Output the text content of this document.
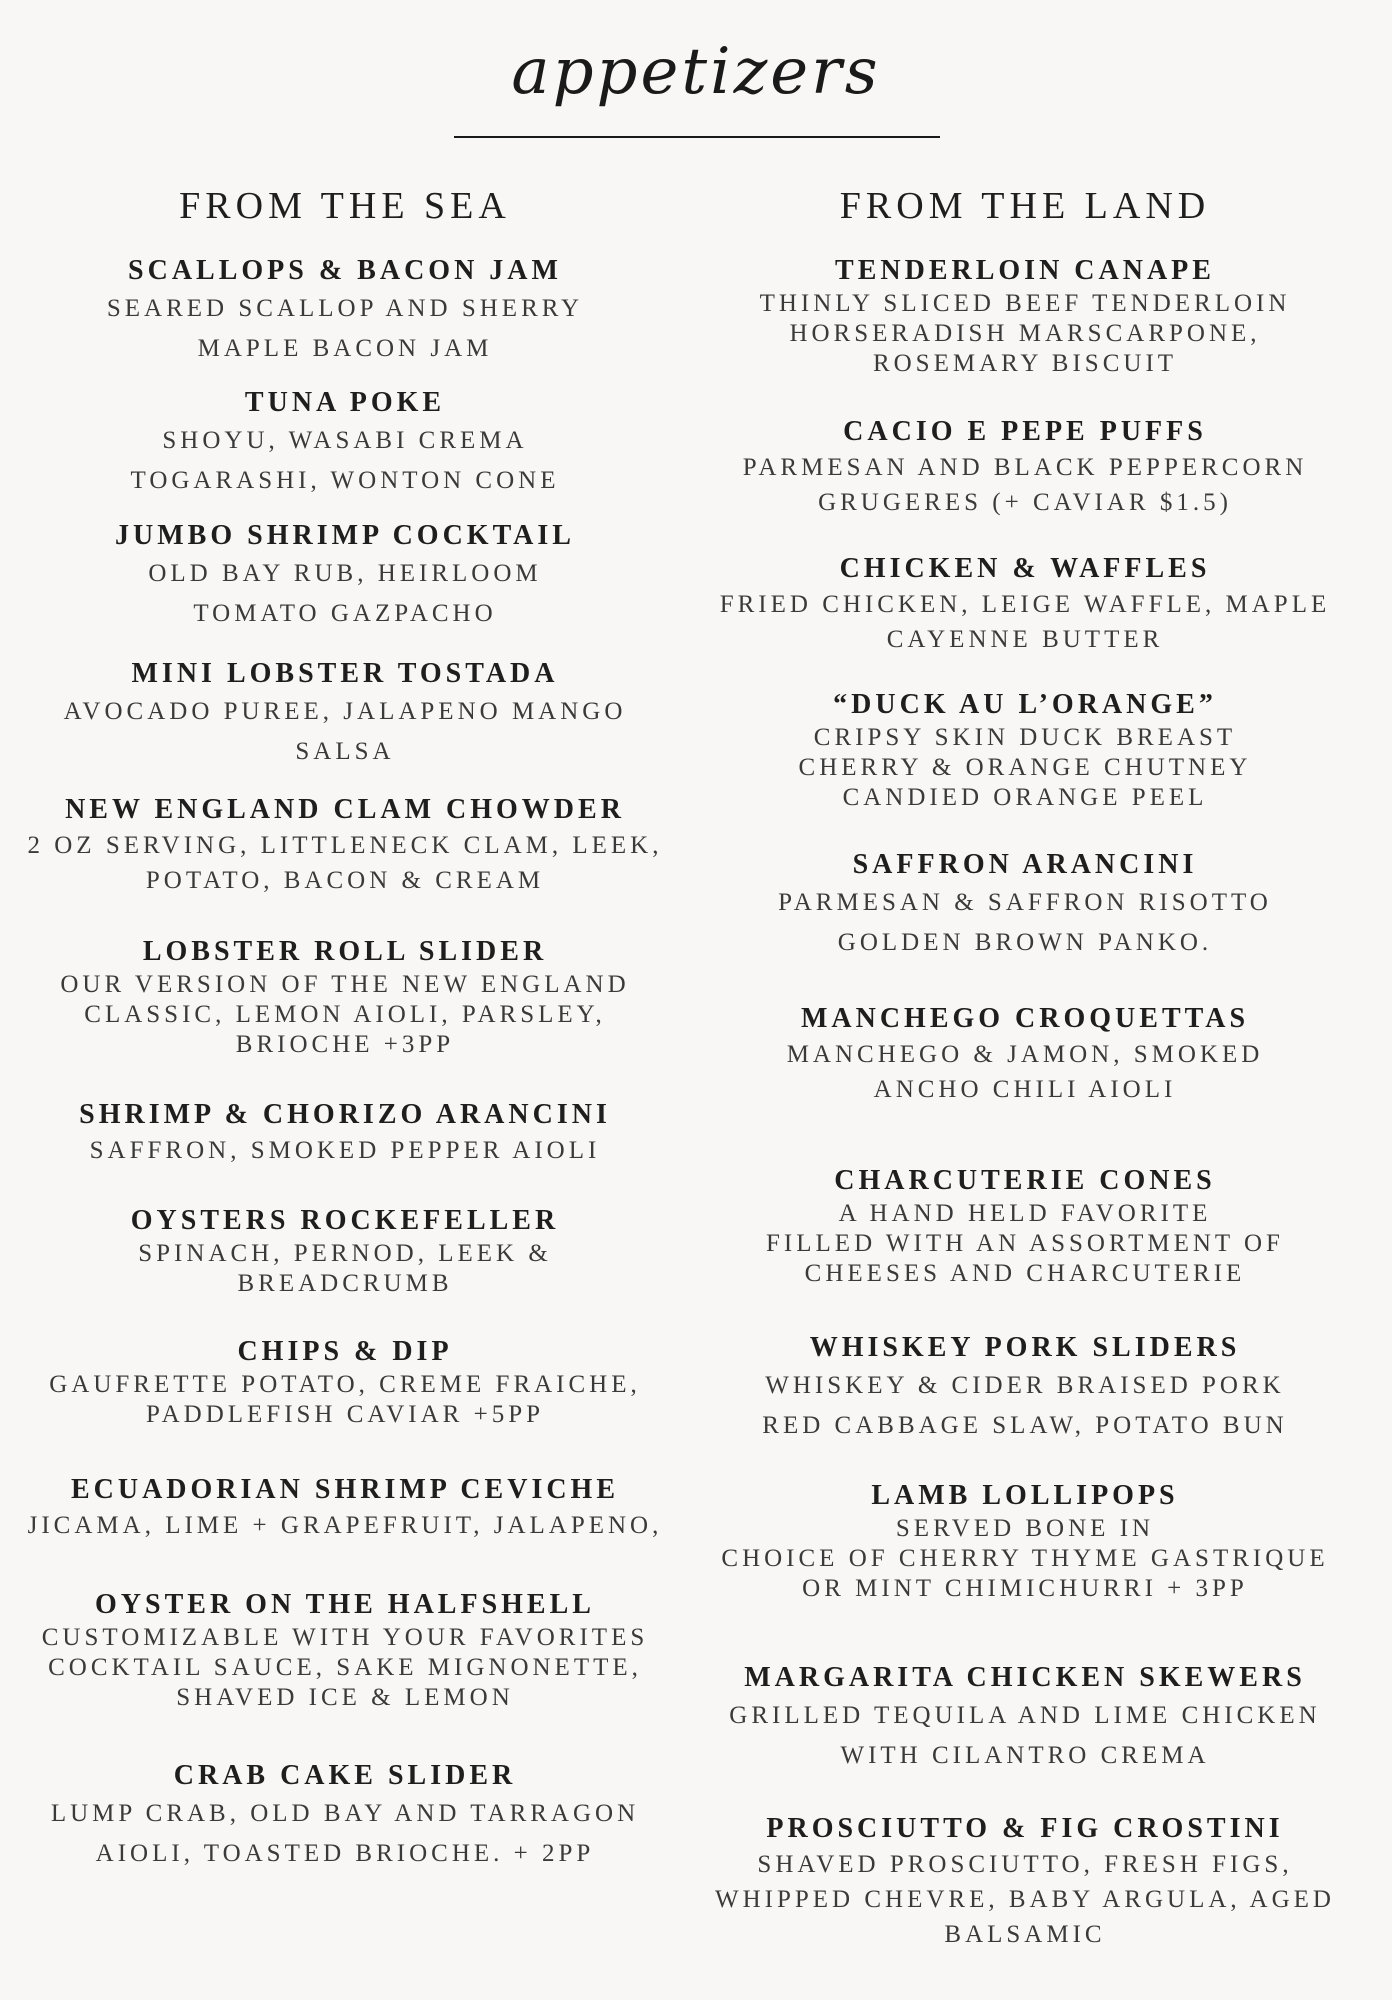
appetizers
FROM THE SEA
SCALLOPS & BACON JAM
SEARED SCALLOP AND SHERRY
MAPLE BACON JAM
TUNA POKE
SHOYU, WASABI CREMA
TOGARASHI, WONTON CONE
JUMBO SHRIMP COCKTAIL
OLD BAY RUB, HEIRLOOM
TOMATO GAZPACHO
MINI LOBSTER TOSTADA
AVOCADO PUREE, JALAPENO MANGO
SALSA
NEW ENGLAND CLAM CHOWDER
2 OZ SERVING, LITTLENECK CLAM, LEEK,
POTATO, BACON & CREAM
LOBSTER ROLL SLIDER
OUR VERSION OF THE NEW ENGLAND
CLASSIC, LEMON AIOLI, PARSLEY,
BRIOCHE +3PP
SHRIMP & CHORIZO ARANCINI
SAFFRON, SMOKED PEPPER AIOLI
OYSTERS ROCKEFELLER
SPINACH, PERNOD, LEEK &
BREADCRUMB
CHIPS & DIP
GAUFRETTE POTATO, CREME FRAICHE,
PADDLEFISH CAVIAR +5PP
ECUADORIAN SHRIMP CEVICHE
JICAMA, LIME + GRAPEFRUIT, JALAPENO,
OYSTER ON THE HALFSHELL
CUSTOMIZABLE WITH YOUR FAVORITES
COCKTAIL SAUCE, SAKE MIGNONETTE,
SHAVED ICE & LEMON
CRAB CAKE SLIDER
LUMP CRAB, OLD BAY AND TARRAGON
AIOLI, TOASTED BRIOCHE. + 2PP
FROM THE LAND
TENDERLOIN CANAPE
THINLY SLICED BEEF TENDERLOIN
HORSERADISH MARSCARPONE,
ROSEMARY BISCUIT
CACIO E PEPE PUFFS
PARMESAN AND BLACK PEPPERCORN
GRUGERES (+ CAVIAR $1.5)
CHICKEN & WAFFLES
FRIED CHICKEN, LEIGE WAFFLE, MAPLE
CAYENNE BUTTER
“DUCK AU L’ORANGE”
CRIPSY SKIN DUCK BREAST
CHERRY & ORANGE CHUTNEY
CANDIED ORANGE PEEL
SAFFRON ARANCINI
PARMESAN & SAFFRON RISOTTO
GOLDEN BROWN PANKO.
MANCHEGO CROQUETTAS
MANCHEGO & JAMON, SMOKED
ANCHO CHILI AIOLI
CHARCUTERIE CONES
A HAND HELD FAVORITE
FILLED WITH AN ASSORTMENT OF
CHEESES AND CHARCUTERIE
WHISKEY PORK SLIDERS
WHISKEY & CIDER BRAISED PORK
RED CABBAGE SLAW, POTATO BUN
LAMB LOLLIPOPS
SERVED BONE IN
CHOICE OF CHERRY THYME GASTRIQUE
OR MINT CHIMICHURRI + 3PP
MARGARITA CHICKEN SKEWERS
GRILLED TEQUILA AND LIME CHICKEN
WITH CILANTRO CREMA
PROSCIUTTO & FIG CROSTINI
SHAVED PROSCIUTTO, FRESH FIGS,
WHIPPED CHEVRE, BABY ARGULA, AGED
BALSAMIC
